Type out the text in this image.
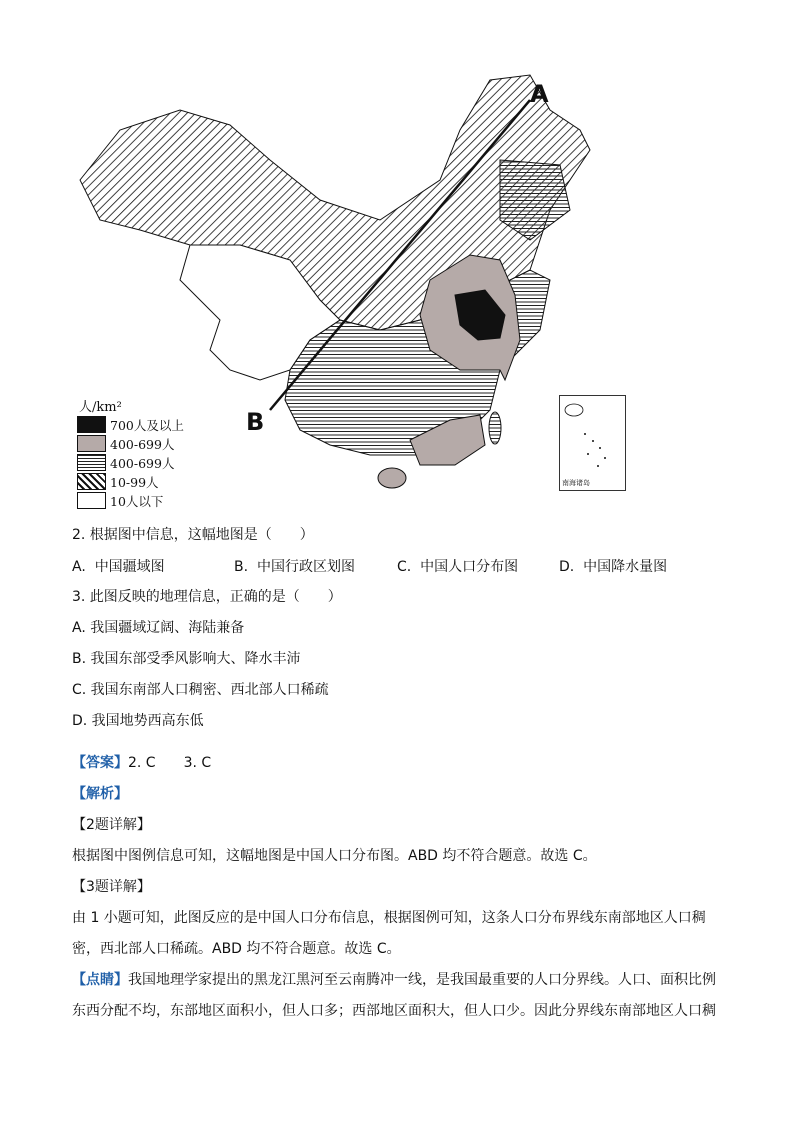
A
B
南海诸岛
人/km²
700人及以上
400-699人
400-699人
10-99人
10人以下
2. 根据图中信息，这幅地图是（　　）
A. 中国疆域图	B. 中国行政区划图	C. 中国人口分布图	D. 中国降水量图
3. 此图反映的地理信息，正确的是（　　）
A. 我国疆域辽阔、海陆兼备
B. 我国东部受季风影响大、降水丰沛
C. 我国东南部人口稠密、西北部人口稀疏
D. 我国地势西高东低
【答案】2. C　　3. C
【解析】
【2题详解】
根据图中图例信息可知，这幅地图是中国人口分布图。ABD 均不符合题意。故选 C。
【3题详解】
由 1 小题可知，此图反应的是中国人口分布信息，根据图例可知，这条人口分布界线东南部地区人口稠
密，西北部人口稀疏。ABD 均不符合题意。故选 C。
【点睛】我国地理学家提出的黑龙江黑河至云南腾冲一线，是我国最重要的人口分界线。人口、面积比例
东西分配不均，东部地区面积小，但人口多；西部地区面积大，但人口少。因此分界线东南部地区人口稠
